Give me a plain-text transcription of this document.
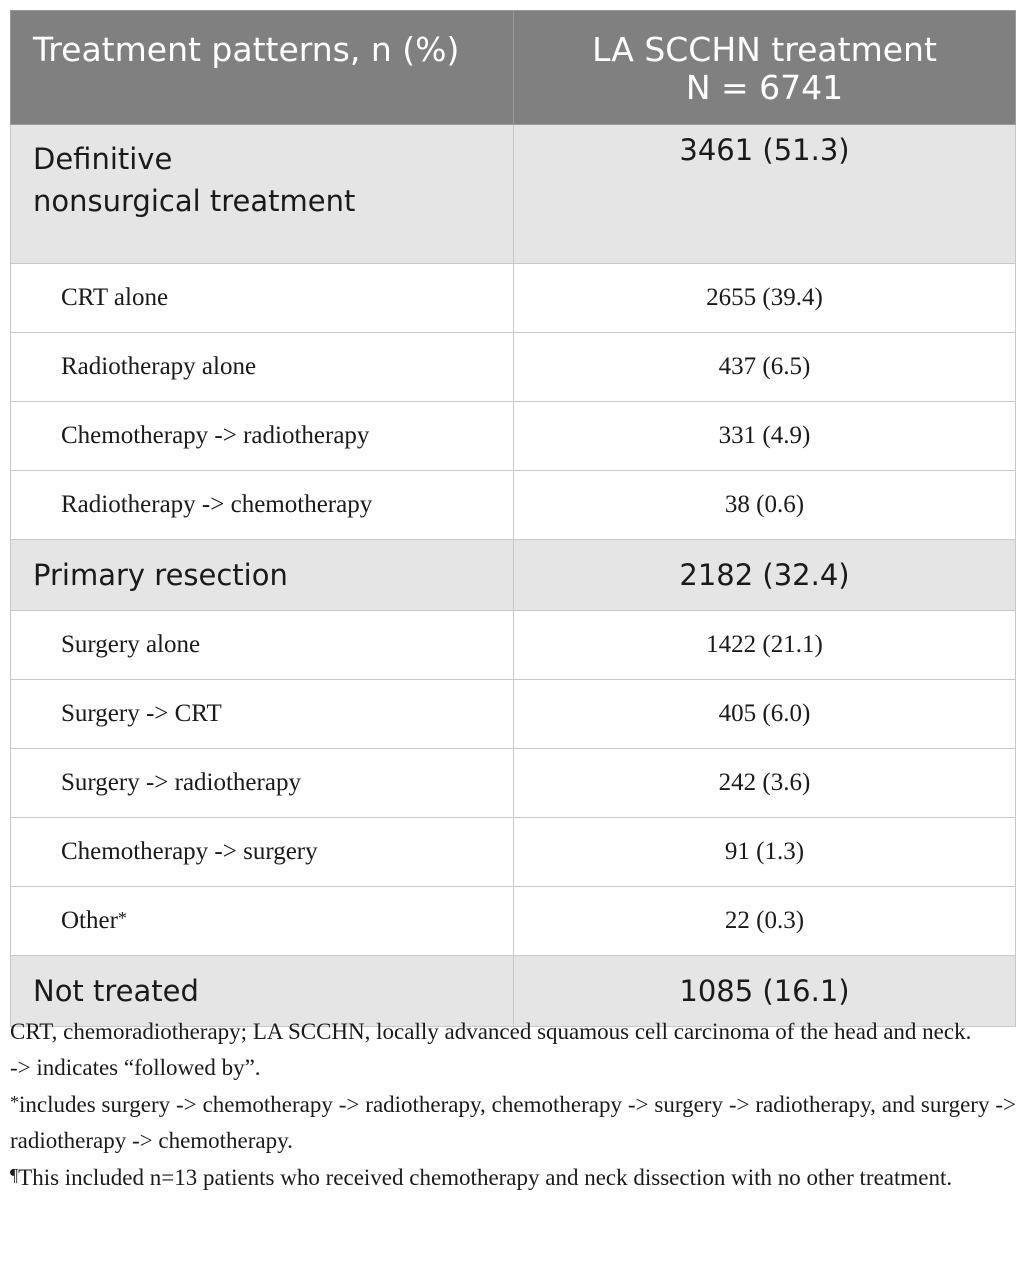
Treatment patterns, n (%)	LA SCCHN treatment
N = 6741

Definitive
nonsurgical treatment	3461 (51.3)
CRT alone	2655 (39.4)
Radiotherapy alone	437 (6.5)
Chemotherapy -> radiotherapy	331 (4.9)
Radiotherapy -> chemotherapy	38 (0.6)
Primary resection	2182 (32.4)
Surgery alone	1422 (21.1)
Surgery -> CRT	405 (6.0)
Surgery -> radiotherapy	242 (3.6)
Chemotherapy -> surgery	91 (1.3)
Other*	22 (0.3)
Not treated	1085 (16.1)

CRT, chemoradiotherapy; LA SCCHN, locally advanced squamous cell carcinoma of the head and neck.

-> indicates “followed by”.

*includes surgery -> chemotherapy -> radiotherapy, chemotherapy -> surgery -> radiotherapy, and surgery -> radiotherapy -> chemotherapy.

¶This included n=13 patients who received chemotherapy and neck dissection with no other treatment.
